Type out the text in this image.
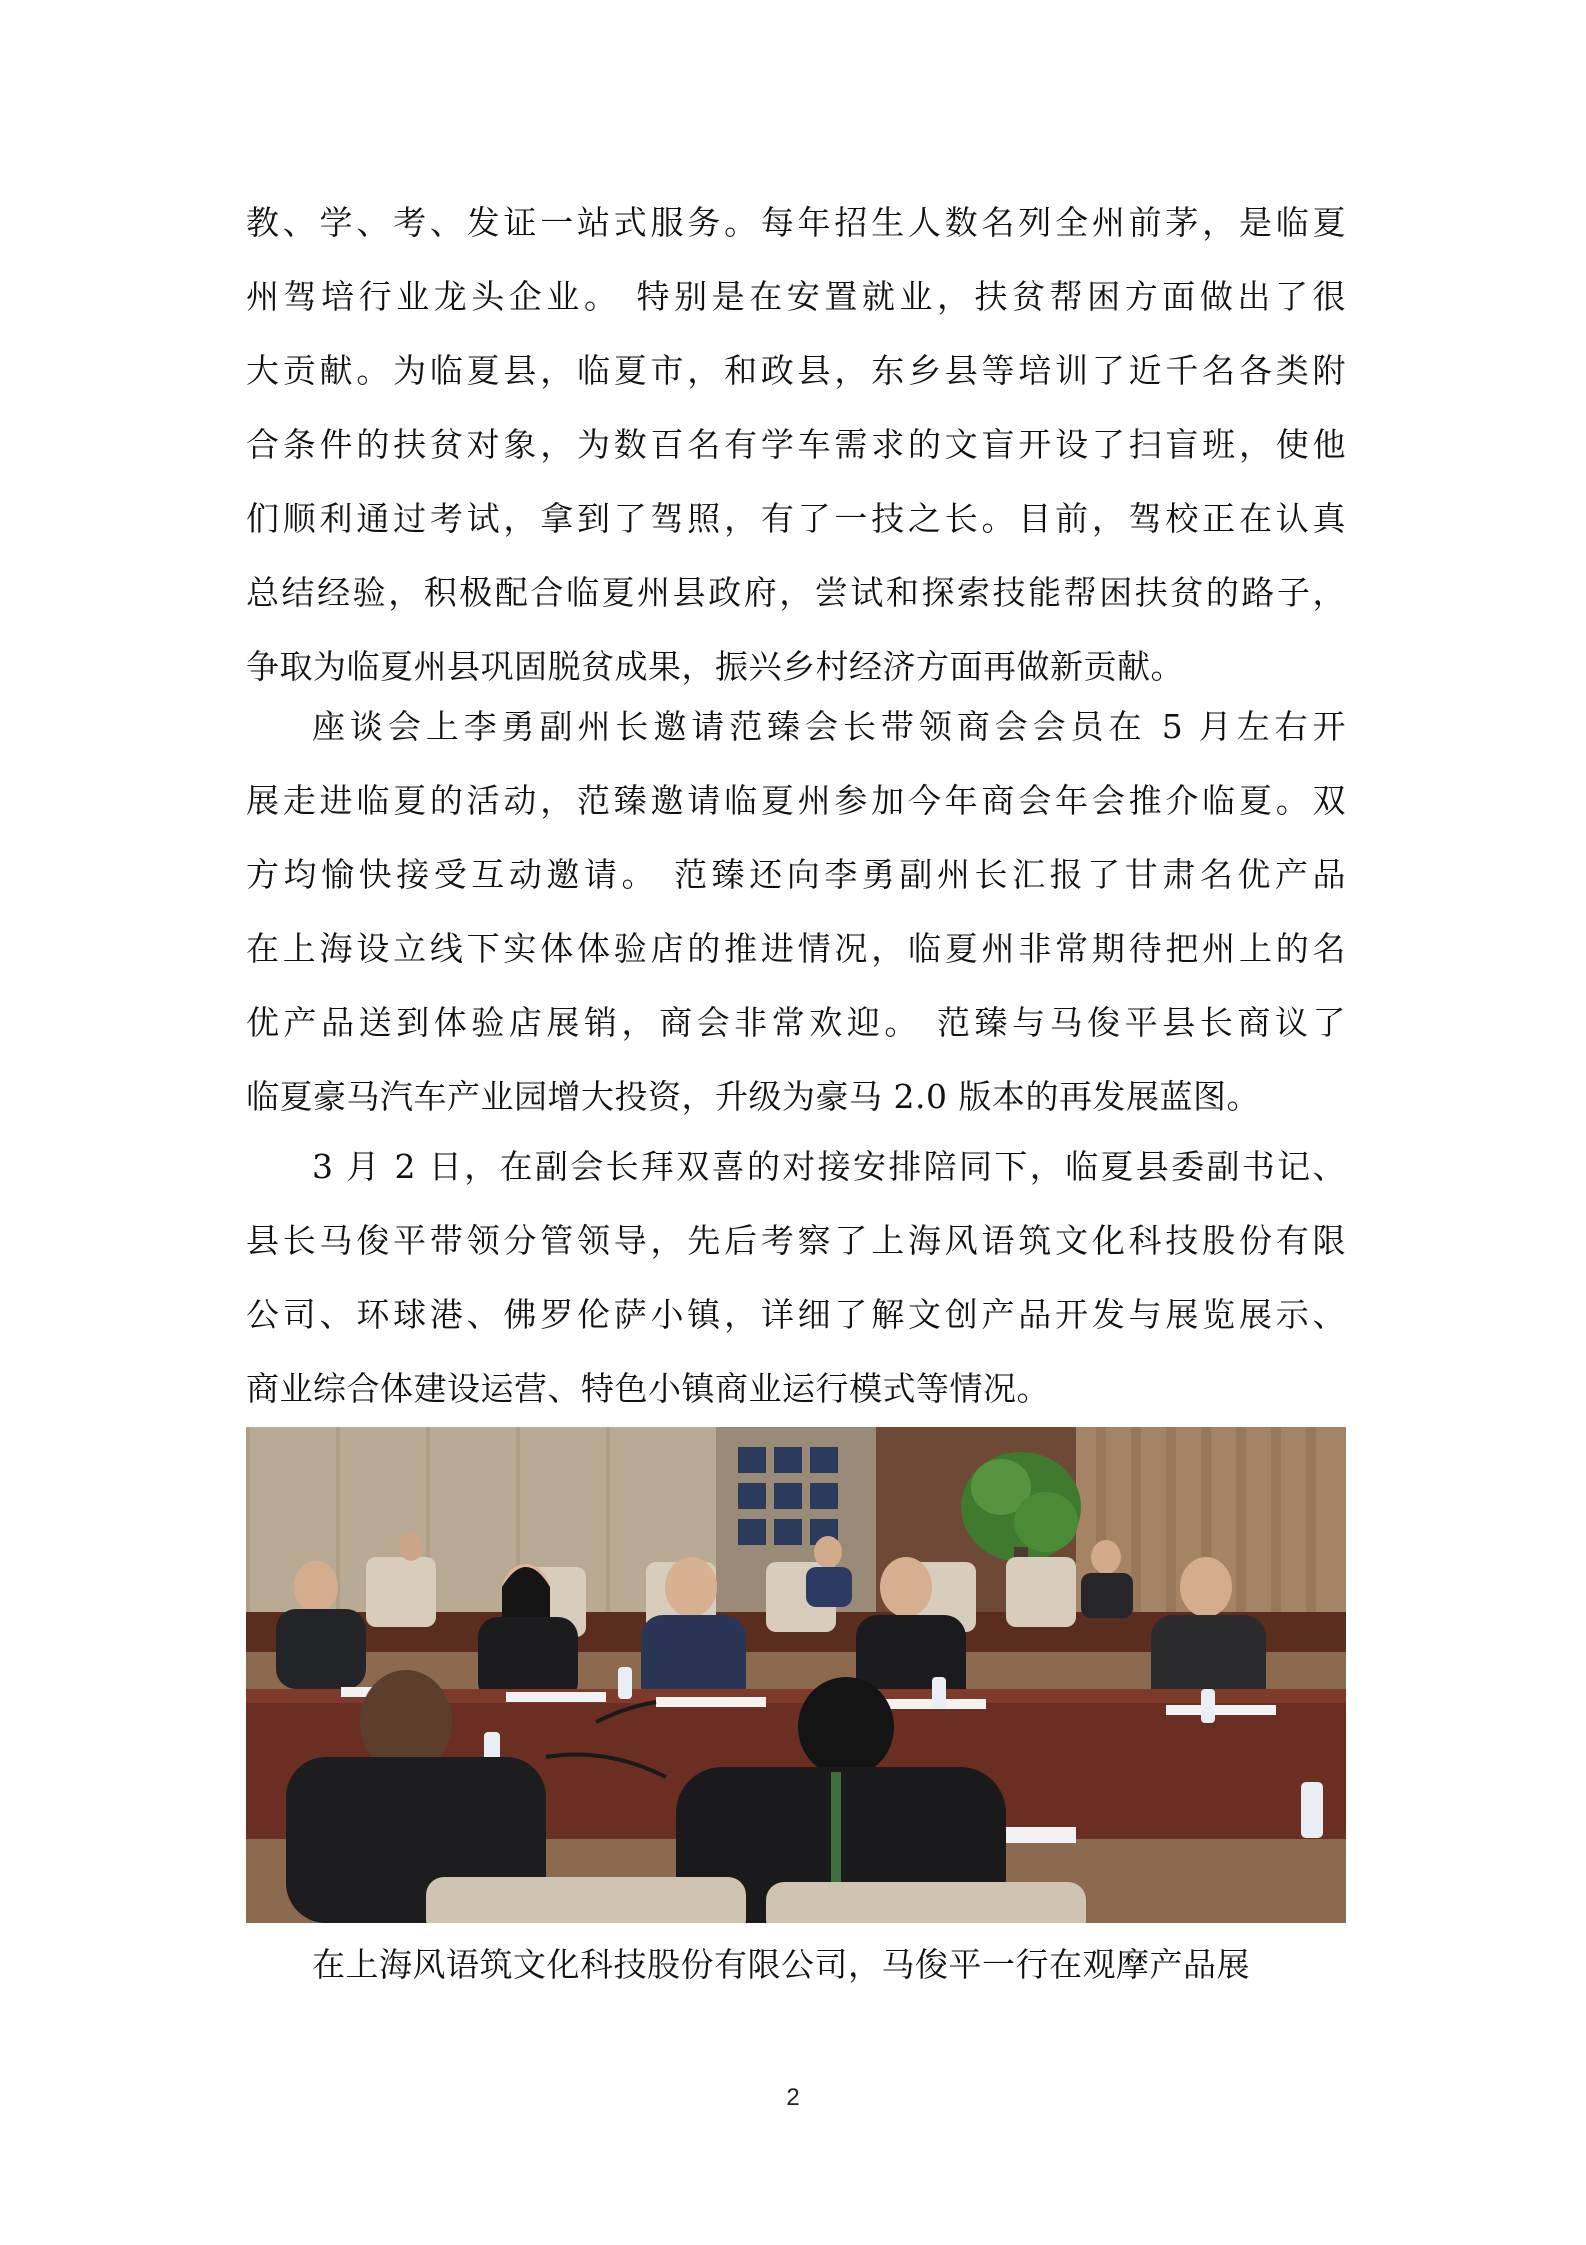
教、学、考、发证一站式服务。每年招生人数名列全州前茅，是临夏
州驾培行业龙头企业。 特别是在安置就业，扶贫帮困方面做出了很
大贡献。为临夏县，临夏市，和政县，东乡县等培训了近千名各类附
合条件的扶贫对象，为数百名有学车需求的文盲开设了扫盲班，使他
们顺利通过考试，拿到了驾照，有了一技之长。目前，驾校正在认真
总结经验，积极配合临夏州县政府，尝试和探索技能帮困扶贫的路子，
争取为临夏州县巩固脱贫成果，振兴乡村经济方面再做新贡献。
座谈会上李勇副州长邀请范臻会长带领商会会员在 5 月左右开
展走进临夏的活动，范臻邀请临夏州参加今年商会年会推介临夏。双
方均愉快接受互动邀请。 范臻还向李勇副州长汇报了甘肃名优产品
在上海设立线下实体体验店的推进情况，临夏州非常期待把州上的名
优产品送到体验店展销，商会非常欢迎。 范臻与马俊平县长商议了
临夏豪马汽车产业园增大投资，升级为豪马 2.0 版本的再发展蓝图。
3 月 2 日，在副会长拜双喜的对接安排陪同下，临夏县委副书记、
县长马俊平带领分管领导，先后考察了上海风语筑文化科技股份有限
公司、环球港、佛罗伦萨小镇，详细了解文创产品开发与展览展示、
商业综合体建设运营、特色小镇商业运行模式等情况。
在上海风语筑文化科技股份有限公司，马俊平一行在观摩产品展
2
